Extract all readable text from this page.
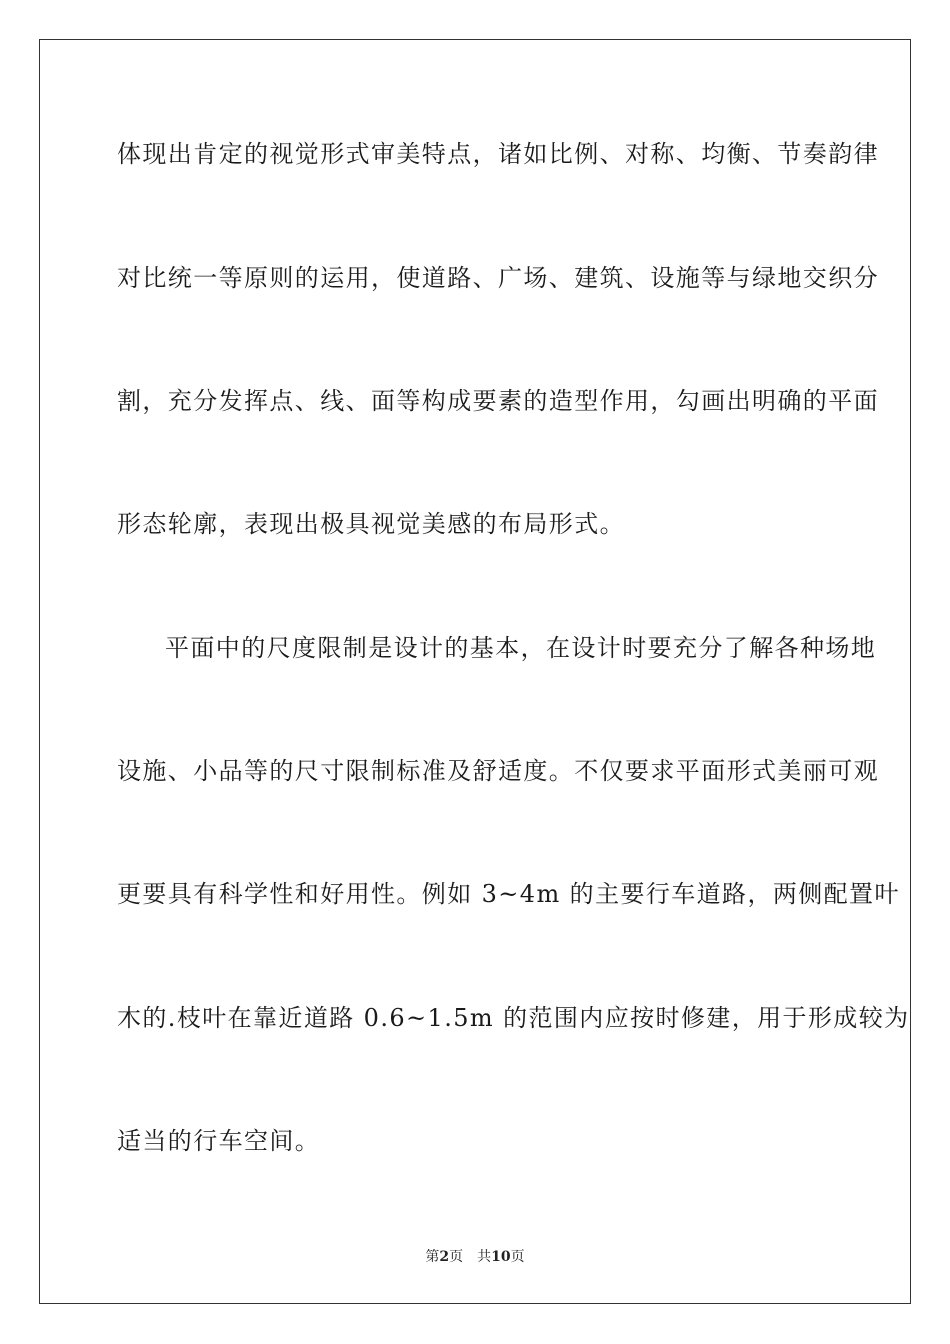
体现出肯定的视觉形式审美特点，诸如比例、对称、均衡、节奏韵律
对比统一等原则的运用，使道路、广场、建筑、设施等与绿地交织分
割，充分发挥点、线、面等构成要素的造型作用，勾画出明确的平面
形态轮廓，表现出极具视觉美感的布局形式。
平面中的尺度限制是设计的基本，在设计时要充分了解各种场地
设施、小品等的尺寸限制标准及舒适度。不仅要求平面形式美丽可观
更要具有科学性和好用性。例如 3~4m 的主要行车道路，两侧配置叶
木的.枝叶在靠近道路 0.6~1.5m 的范围内应按时修建，用于形成较为
适当的行车空间。
第2页 共10页
